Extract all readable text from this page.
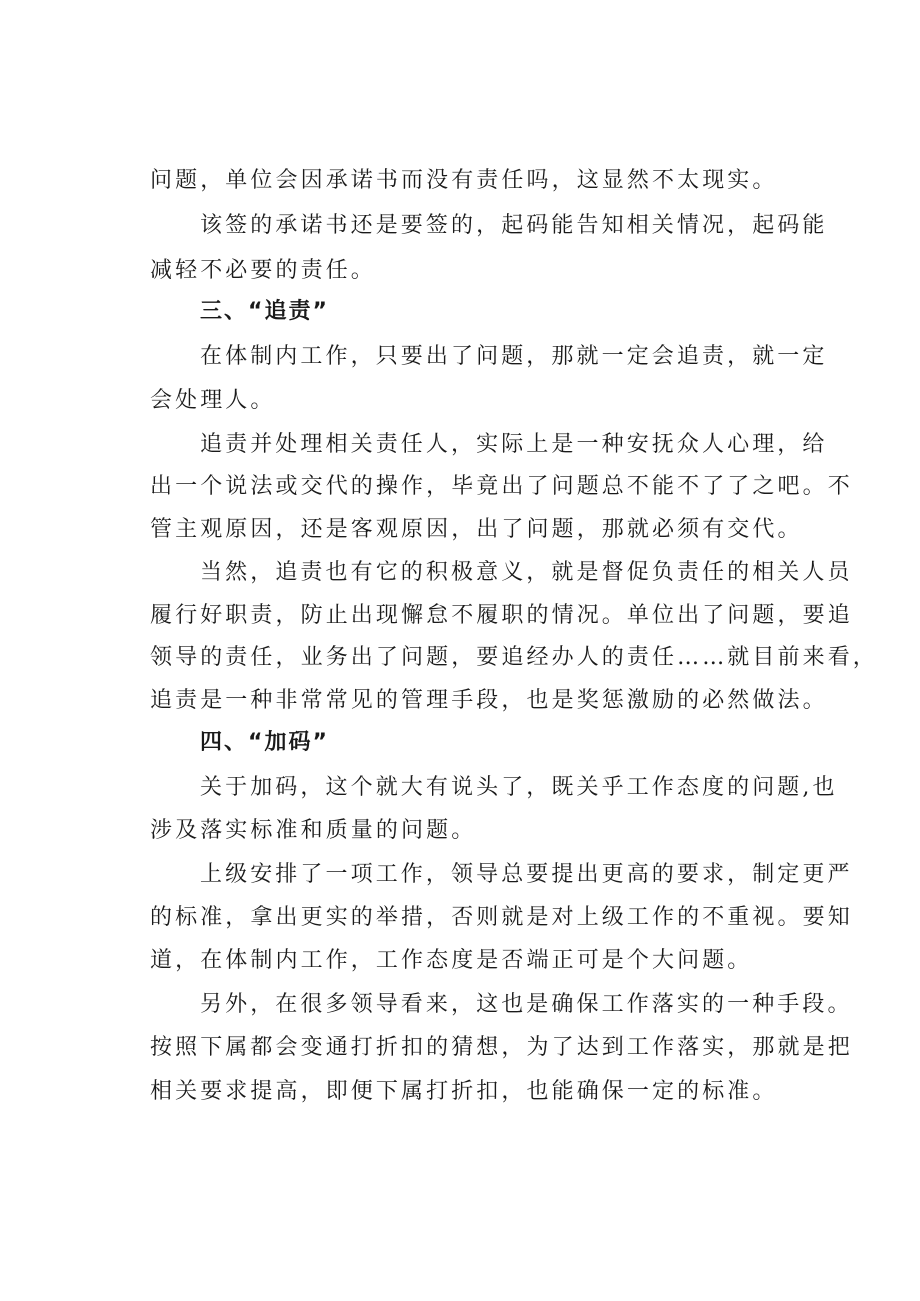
问题，单位会因承诺书而没有责任吗，这显然不太现实。

该签的承诺书还是要签的，起码能告知相关情况，起码能

减轻不必要的责任。

三、“追责”

在体制内工作，只要出了问题，那就一定会追责，就一定

会处理人。

追责并处理相关责任人，实际上是一种安抚众人心理，给

出一个说法或交代的操作，毕竟出了问题总不能不了了之吧。不

管主观原因，还是客观原因，出了问题，那就必须有交代。

当然，追责也有它的积极意义，就是督促负责任的相关人员

履行好职责，防止出现懈怠不履职的情况。单位出了问题，要追

领导的责任，业务出了问题，要追经办人的责任……就目前来看，

追责是一种非常常见的管理手段，也是奖惩激励的必然做法。

四、“加码”

关于加码，这个就大有说头了，既关乎工作态度的问题,也

涉及落实标准和质量的问题。

上级安排了一项工作，领导总要提出更高的要求，制定更严

的标准，拿出更实的举措，否则就是对上级工作的不重视。要知

道，在体制内工作，工作态度是否端正可是个大问题。

另外，在很多领导看来，这也是确保工作落实的一种手段。

按照下属都会变通打折扣的猜想，为了达到工作落实，那就是把

相关要求提高，即便下属打折扣，也能确保一定的标准。
